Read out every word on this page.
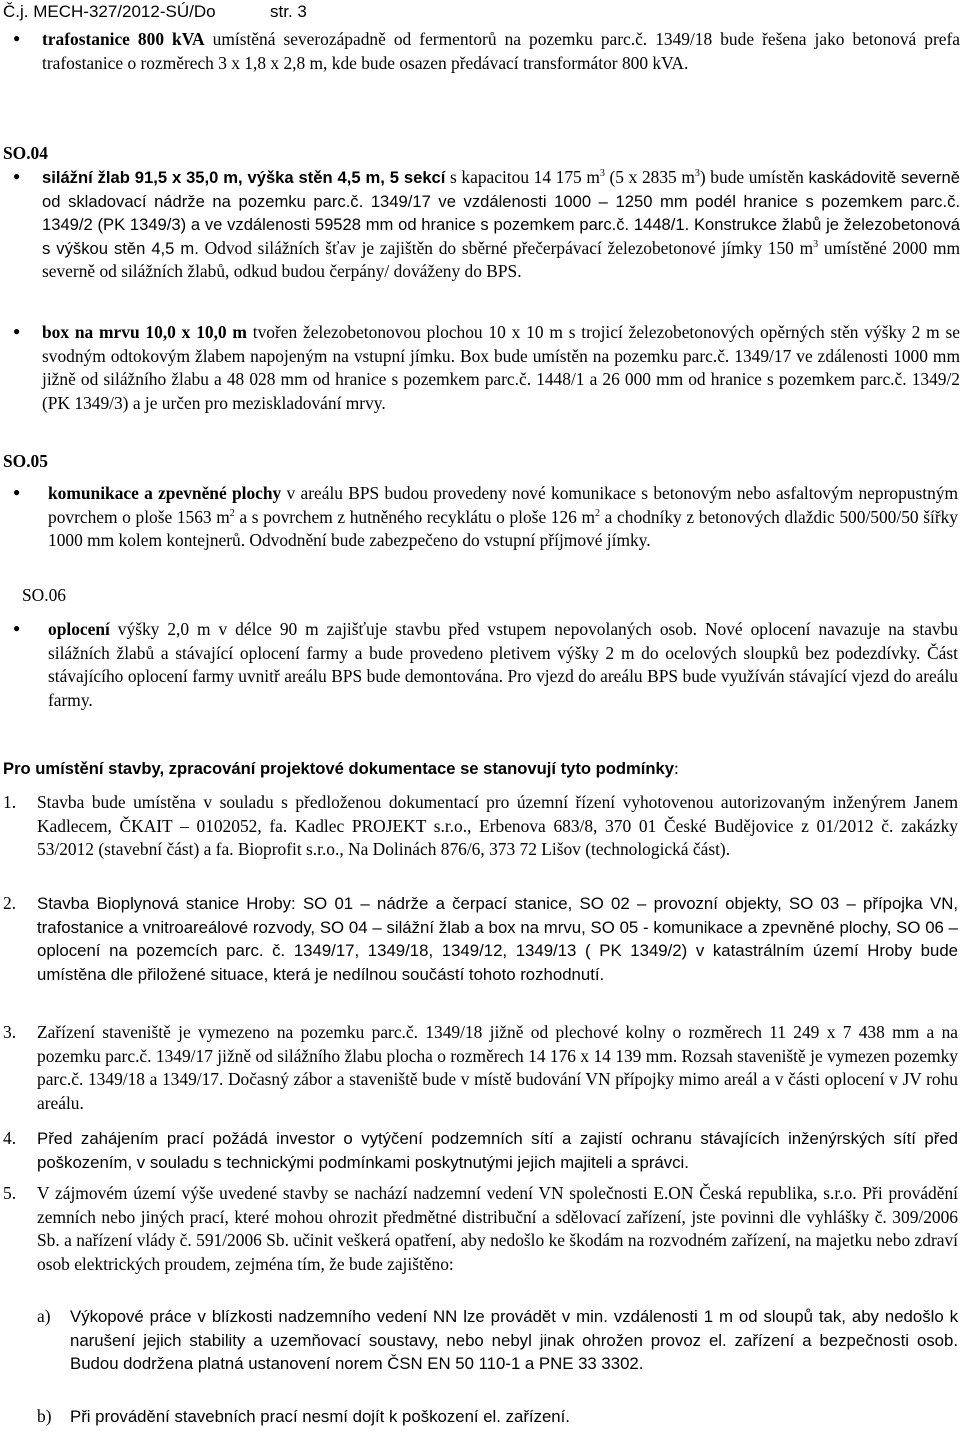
Č.j. MECH-327/2012-SÚ/Do	str. 3
● trafostanice 800 kVA umístěná severozápadně od fermentorů na pozemku parc.č. 1349/18 bude řešena jako betonová prefa trafostanice o rozměrech 3 x 1,8 x 2,8 m, kde bude osazen předávací transformátor 800 kVA.
SO.04
● silážní žlab 91,5 x 35,0 m, výška stěn 4,5 m, 5 sekcí s kapacitou 14 175 $m^3$ (5 x 2835 $m^3$) bude umístěn kaskádovitě severně od skladovací nádrže na pozemku parc.č. 1349/17 ve vzdálenosti 1000 – 1250 mm podél hranice s pozemkem parc.č. 1349/2 (PK 1349/3) a ve vzdálenosti 59528 mm od hranice s pozemkem parc.č. 1448/1. Konstrukce žlabů je železobetonová s výškou stěn 4,5 m. Odvod silážních šťav je zajištěn do sběrné přečerpávací železobetonové jímky 150 $m^3$ umístěné 2000 mm severně od silážních žlabů, odkud budou čerpány/ dováženy do BPS.
● box na mrvu 10,0 x 10,0 m tvořen železobetonovou plochou 10 x 10 m s trojicí železobetonových opěrných stěn výšky 2 m se svodným odtokovým žlabem napojeným na vstupní jímku. Box bude umístěn na pozemku parc.č. 1349/17 ve zdálenosti 1000 mm jižně od silážního žlabu a 48 028 mm od hranice s pozemkem parc.č. 1448/1 a 26 000 mm od hranice s pozemkem parc.č. 1349/2 (PK 1349/3) a je určen pro meziskladování mrvy.
SO.05
● komunikace a zpevněné plochy v areálu BPS budou provedeny nové komunikace s betonovým nebo asfaltovým nepropustným povrchem o ploše 1563 $m^2$ a s povrchem z hutněného recyklátu o ploše 126 $m^2$ a chodníky z betonových dlaždic 500/500/50 šířky 1000 mm kolem kontejnerů. Odvodnění bude zabezpečeno do vstupní příjmové jímky.
SO.06
● oplocení výšky 2,0 m v délce 90 m zajišťuje stavbu před vstupem nepovolaných osob. Nové oplocení navazuje na stavbu silážních žlabů a stávající oplocení farmy a bude provedeno pletivem výšky 2 m do ocelových sloupků bez podezdívky. Část stávajícího oplocení farmy uvnitř areálu BPS bude demontována. Pro vjezd do areálu BPS bude využíván stávající vjezd do areálu farmy.
Pro umístění stavby, zpracování projektové dokumentace se stanovují tyto podmínky:
1. Stavba bude umístěna v souladu s předloženou dokumentací pro územní řízení vyhotovenou autorizovaným inženýrem Janem Kadlecem, ČKAIT – 0102052, fa. Kadlec PROJEKT s.r.o., Erbenova 683/8, 370 01 České Budějovice z 01/2012 č. zakázky 53/2012 (stavební část) a fa. Bioprofit s.r.o., Na Dolinách 876/6, 373 72 Lišov (technologická část).
2. Stavba Bioplynová stanice Hroby: SO 01 – nádrže a čerpací stanice, SO 02 – provozní objekty, SO 03 – přípojka VN, trafostanice a vnitroareálové rozvody, SO 04 – silážní žlab a box na mrvu, SO 05 - komunikace a zpevněné plochy, SO 06 – oplocení na pozemcích parc. č. 1349/17, 1349/18, 1349/12, 1349/13 ( PK 1349/2) v katastrálním území Hroby bude umístěna dle přiložené situace, která je nedílnou součástí tohoto rozhodnutí.
3. Zařízení staveniště je vymezeno na pozemku parc.č. 1349/18 jižně od plechové kolny o rozměrech 11 249 x 7 438 mm a na pozemku parc.č. 1349/17 jižně od silážního žlabu plocha o rozměrech 14 176 x 14 139 mm. Rozsah staveniště je vymezen pozemky parc.č. 1349/18 a 1349/17. Dočasný zábor a staveniště bude v místě budování VN přípojky mimo areál a v části oplocení v JV rohu areálu.
4. Před zahájením prací požádá investor o vytýčení podzemních sítí a zajistí ochranu stávajících inženýrských sítí před poškozením, v souladu s technickými podmínkami poskytnutými jejich majiteli a správci.
5. V zájmovém území výše uvedené stavby se nachází nadzemní vedení VN společnosti E.ON Česká republika, s.r.o. Při provádění zemních nebo jiných prací, které mohou ohrozit předmětné distribuční a sdělovací zařízení, jste povinni dle vyhlášky č. 309/2006 Sb. a nařízení vlády č. 591/2006 Sb. učinit veškerá opatření, aby nedošlo ke škodám na rozvodném zařízení, na majetku nebo zdraví osob elektrických proudem, zejména tím, že bude zajištěno:
a) Výkopové práce v blízkosti nadzemního vedení NN lze provádět v min. vzdálenosti 1 m od sloupů tak, aby nedošlo k narušení jejich stability a uzemňovací soustavy, nebo nebyl jinak ohrožen provoz el. zařízení a bezpečnosti osob. Budou dodržena platná ustanovení norem ČSN EN 50 110-1 a PNE 33 3302.
b) Při provádění stavebních prací nesmí dojít k poškození el. zařízení.
